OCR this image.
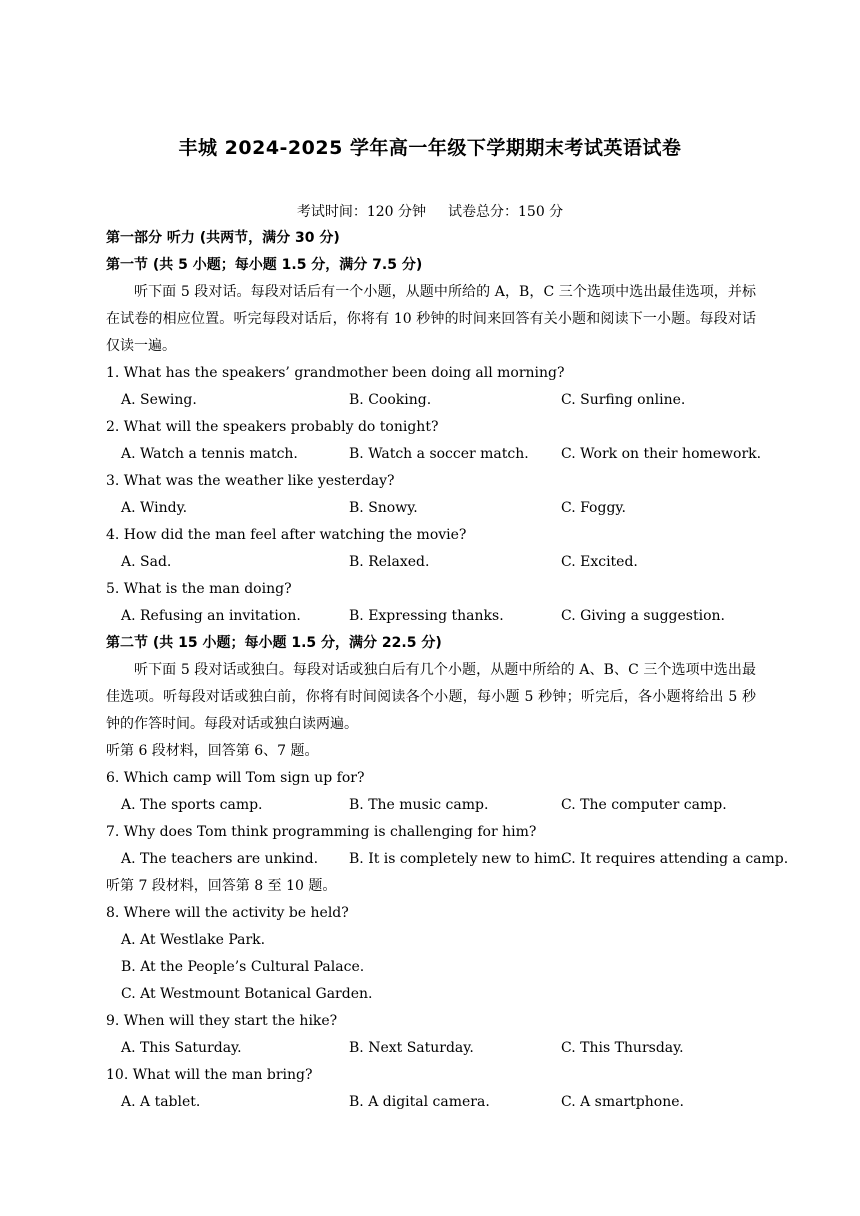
丰城 2024-2025 学年高一年级下学期期末考试英语试卷
考试时间：120 分钟 试卷总分：150 分
第一部分 听力 (共两节，满分 30 分)
第一节 (共 5 小题；每小题 1.5 分，满分 7.5 分)
听下面 5 段对话。每段对话后有一个小题，从题中所给的 A，B，C 三个选项中选出最佳选项，并标在试卷的相应位置。听完每段对话后，你将有 10 秒钟的时间来回答有关小题和阅读下一小题。每段对话仅读一遍。
1. What has the speakers’ grandmother been doing all morning?
A. Sewing.	B. Cooking.	C. Surfing online.
2. What will the speakers probably do tonight?
A. Watch a tennis match.	B. Watch a soccer match. C. Work on their homework.
3. What was the weather like yesterday?
A. Windy.	B. Snowy.	C. Foggy.
4. How did the man feel after watching the movie?
A. Sad.	B. Relaxed.	C. Excited.
5. What is the man doing?
A. Refusing an invitation.	B. Expressing thanks.	C. Giving a suggestion.
第二节 (共 15 小题；每小题 1.5 分，满分 22.5 分)
听下面 5 段对话或独白。每段对话或独白后有几个小题，从题中所给的 A、B、C 三个选项中选出最佳选项。听每段对话或独白前，你将有时间阅读各个小题，每小题 5 秒钟；听完后，各小题将给出 5 秒钟的作答时间。每段对话或独白读两遍。
听第 6 段材料，回答第 6、7 题。
6. Which camp will Tom sign up for?
A. The sports camp.	B. The music camp.	C. The computer camp.
7. Why does Tom think programming is challenging for him?
A. The teachers are unkind. B. It is completely new to him.
C. It requires attending a camp.
听第 7 段材料，回答第 8 至 10 题。
8. Where will the activity be held?
A. At Westlake Park.
B. At the People’s Cultural Palace.
C. At Westmount Botanical Garden.
9. When will they start the hike?
A. This Saturday.	B. Next Saturday.	C. This Thursday.
10. What will the man bring?
A. A tablet.	B. A digital camera.	C. A smartphone.
